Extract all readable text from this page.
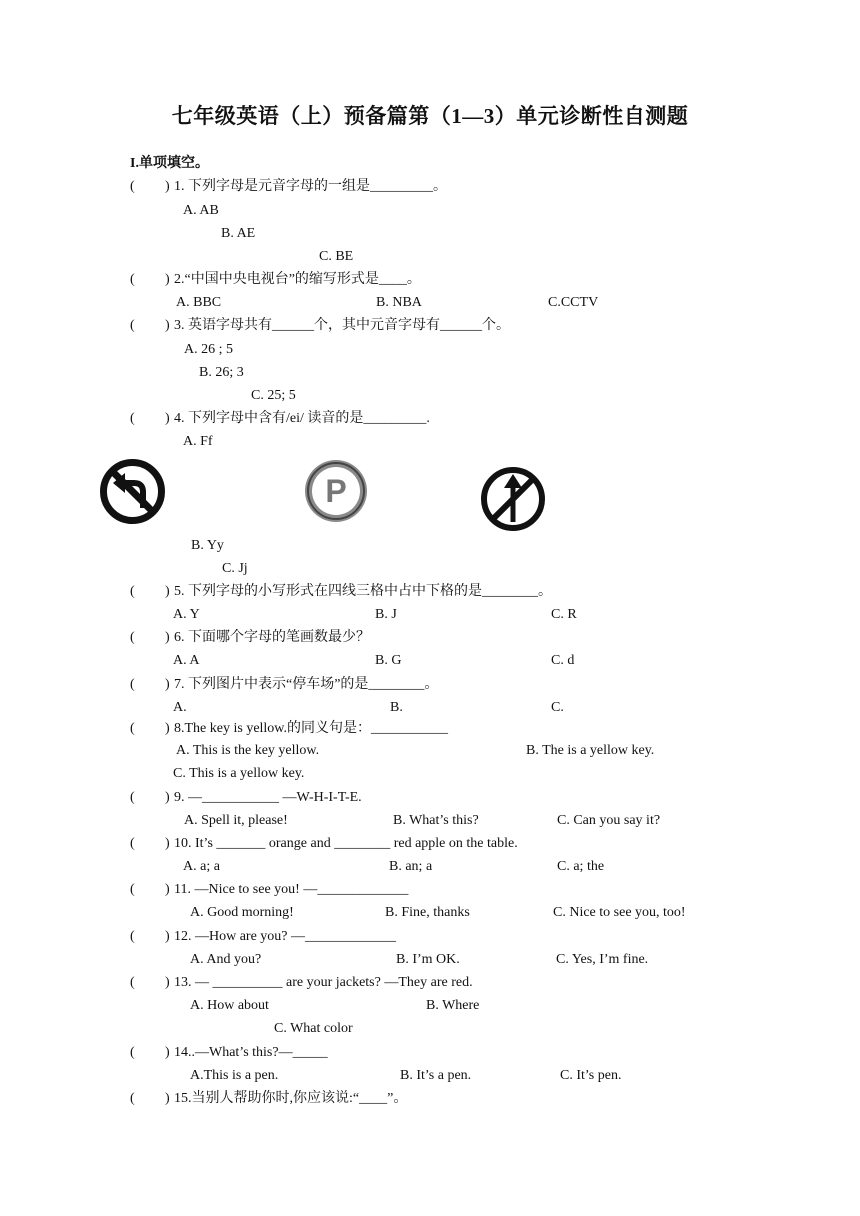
七年级英语（上）预备篇第（1—3）单元诊断性自测题
I.单项填空。
( ) 1. 下列字母是元音字母的一组是_________。
A. AB
B. AE
C. BE
( ) 2.“中国中央电视台”的缩写形式是____。
A. BBC	B. NBA	C.CCTV
( ) 3. 英语字母共有______个，其中元音字母有______个。
A. 26 ; 5
B. 26; 3
C. 25; 5
( ) 4. 下列字母中含有/ei/ 读音的是_________.
A. Ff
B. Yy
C. Jj
P
( ) 5. 下列字母的小写形式在四线三格中占中下格的是________。
A. Y	B. J	C. R
( ) 6. 下面哪个字母的笔画数最少？
A. A	B. G	C. d
( ) 7. 下列图片中表示“停车场”的是________。
A.	B.	C.
( ) 8.The key is yellow.的同义句是：___________
A. This is the key yellow.	B. The is a yellow key.
C. This is a yellow key.
( ) 9. —___________ —W-H-I-T-E.
A. Spell it, please!	B. What’s this?	C. Can you say it?
( ) 10. It’s _______ orange and ________ red apple on the table.
A. a; a	B. an; a	C. a; the
( ) 11. —Nice to see you! —_____________
A. Good morning!	B. Fine, thanks	C. Nice to see you, too!
( ) 12. —How are you? —_____________
A. And you?	B. I’m OK.	C. Yes, I’m fine.
( ) 13. — __________ are your jackets? —They are red.
A. How about	B. Where
C. What color
( ) 14..—What’s this?—_____
A.This is a pen.	B. It’s a pen.	C. It’s pen.
( ) 15.当别人帮助你时,你应该说:“____”。
